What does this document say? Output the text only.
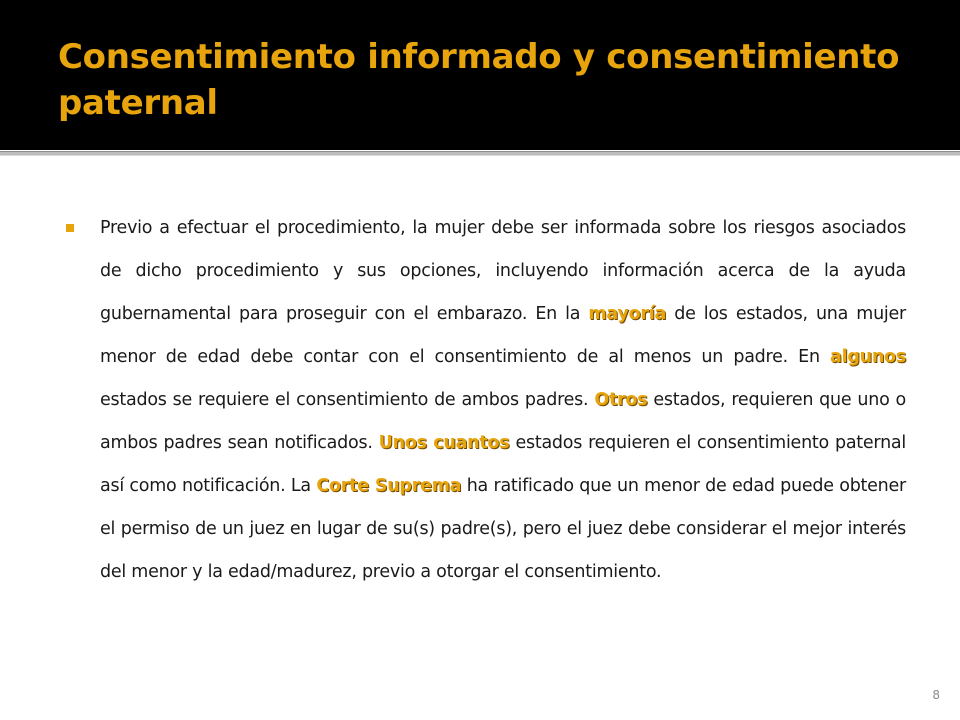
Consentimiento informado y consentimiento paternal

Previo a efectuar el procedimiento, la mujer debe ser informada sobre los riesgos asociados de dicho procedimiento y sus opciones, incluyendo información acerca de la ayuda gubernamental para proseguir con el embarazo. En la mayoría de los estados, una mujer menor de edad debe contar con el consentimiento de al menos un padre. En algunos estados se requiere el consentimiento de ambos padres. Otros estados, requieren que uno o ambos padres sean notificados. Unos cuantos estados requieren el consentimiento paternal así como notificación. La Corte Suprema ha ratificado que un menor de edad puede obtener el permiso de un juez en lugar de su(s) padre(s), pero el juez debe considerar el mejor interés del menor y la edad/madurez, previo a otorgar el consentimiento.

8
